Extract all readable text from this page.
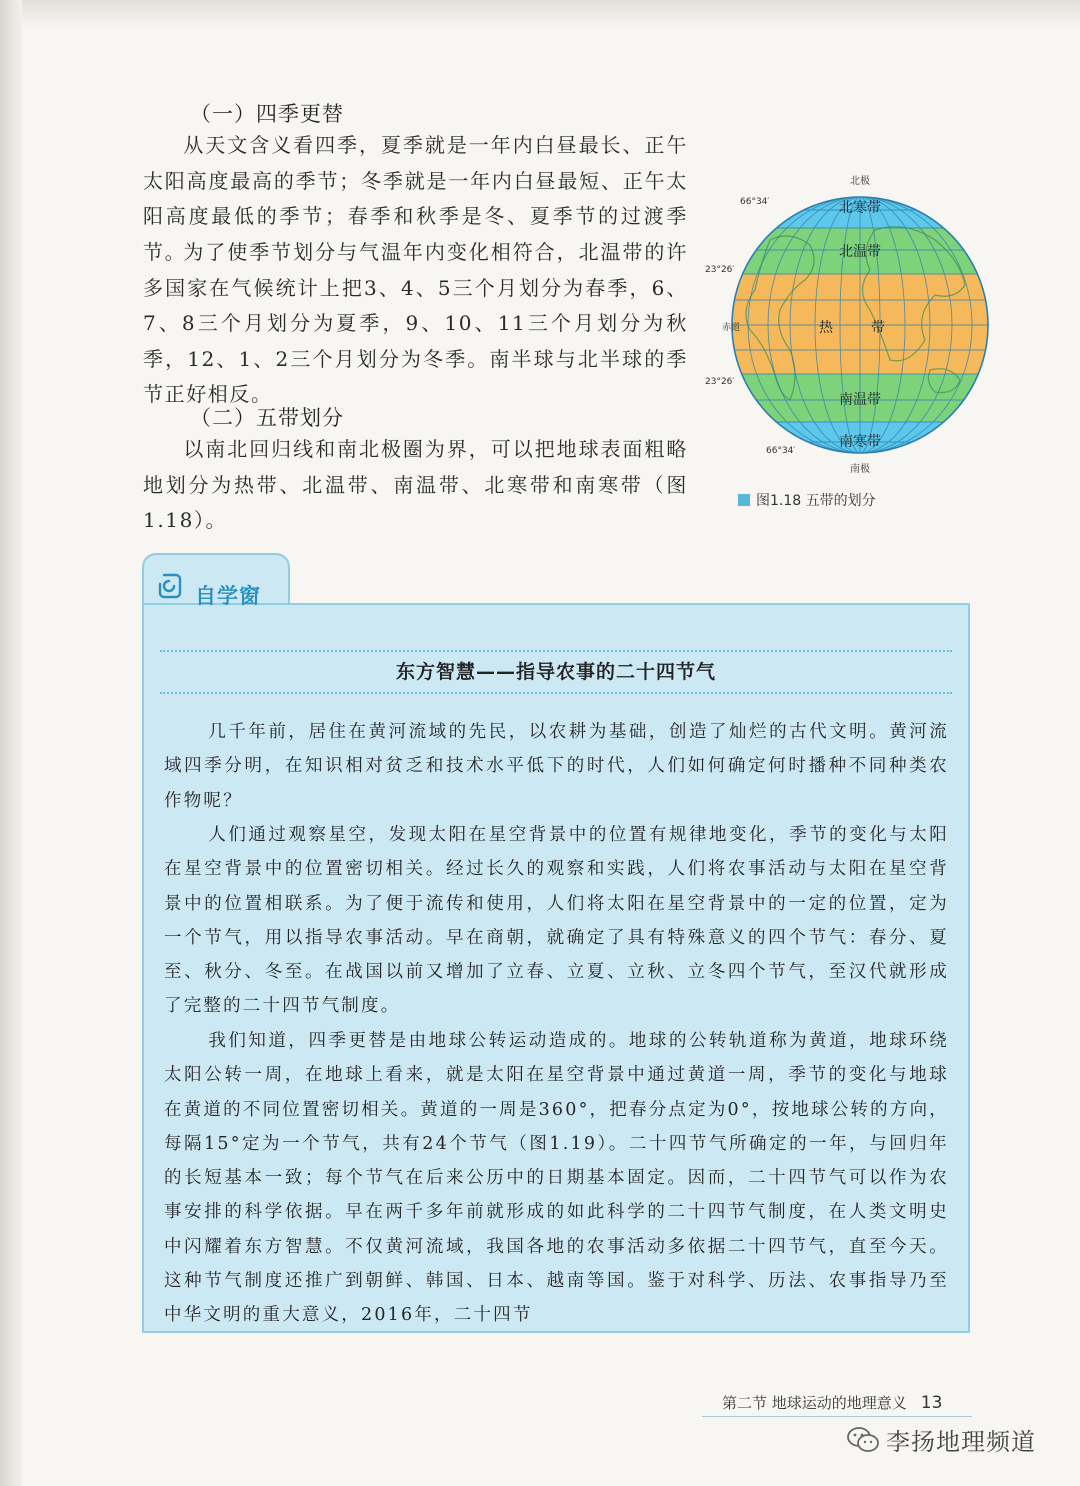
（一）四季更替

从天文含义看四季，夏季就是一年内白昼最长、正午太阳高度最高的季节；冬季就是一年内白昼最短、正午太阳高度最低的季节；春季和秋季是冬、夏季节的过渡季节。

为了使季节划分与气温年内变化相符合，北温带的许多国家在气候统计上把3、4、5三个月划分为春季，6、7、8三个月划分为夏季，9、10、11三个月划分为秋季，12、1、2三个月划分为冬季。南半球与北半球的季节正好相反。

（二）五带划分

以南北回归线和南北极圈为界，可以把地球表面粗略地划分为热带、北温带、南温带、北寒带和南寒带（图1.18）。

北极
南极
66°34′
23°26′
赤道
23°26′
66°34′
北寒带
北温带
热	带
南温带
南寒带
图1.18 五带的划分
自学窗
东方智慧——指导农事的二十四节气

几千年前，居住在黄河流域的先民，以农耕为基础，创造了灿烂的古代文明。黄河流域四季分明，在知识相对贫乏和技术水平低下的时代，人们如何确定何时播种不同种类农作物呢？

人们通过观察星空，发现太阳在星空背景中的位置有规律地变化，季节的变化与太阳在星空背景中的位置密切相关。经过长久的观察和实践，人们将农事活动与太阳在星空背景中的位置相联系。为了便于流传和使用，人们将太阳在星空背景中的一定的位置，定为一个节气，用以指导农事活动。早在商朝，就确定了具有特殊意义的四个节气：春分、夏至、秋分、冬至。在战国以前又增加了立春、立夏、立秋、立冬四个节气，至汉代就形成了完整的二十四节气制度。

我们知道，四季更替是由地球公转运动造成的。地球的公转轨道称为黄道，地球环绕太阳公转一周，在地球上看来，就是太阳在星空背景中通过黄道一周，季节的变化与地球在黄道的不同位置密切相关。黄道的一周是360°，把春分点定为0°，按地球公转的方向，每隔15°定为一个节气，共有24个节气（图1.19）。二十四节气所确定的一年，与回归年的长短基本一致；每个节气在后来公历中的日期基本固定。因而，二十四节气可以作为农事安排的科学依据。早在两千多年前就形成的如此科学的二十四节气制度，在人类文明史中闪耀着东方智慧。不仅黄河流域，我国各地的农事活动多依据二十四节气，直至今天。这种节气制度还推广到朝鲜、韩国、日本、越南等国。鉴于对科学、历法、农事指导乃至中华文明的重大意义，2016年，二十四节

第二节 地球运动的地理意义 13
李扬地理频道
